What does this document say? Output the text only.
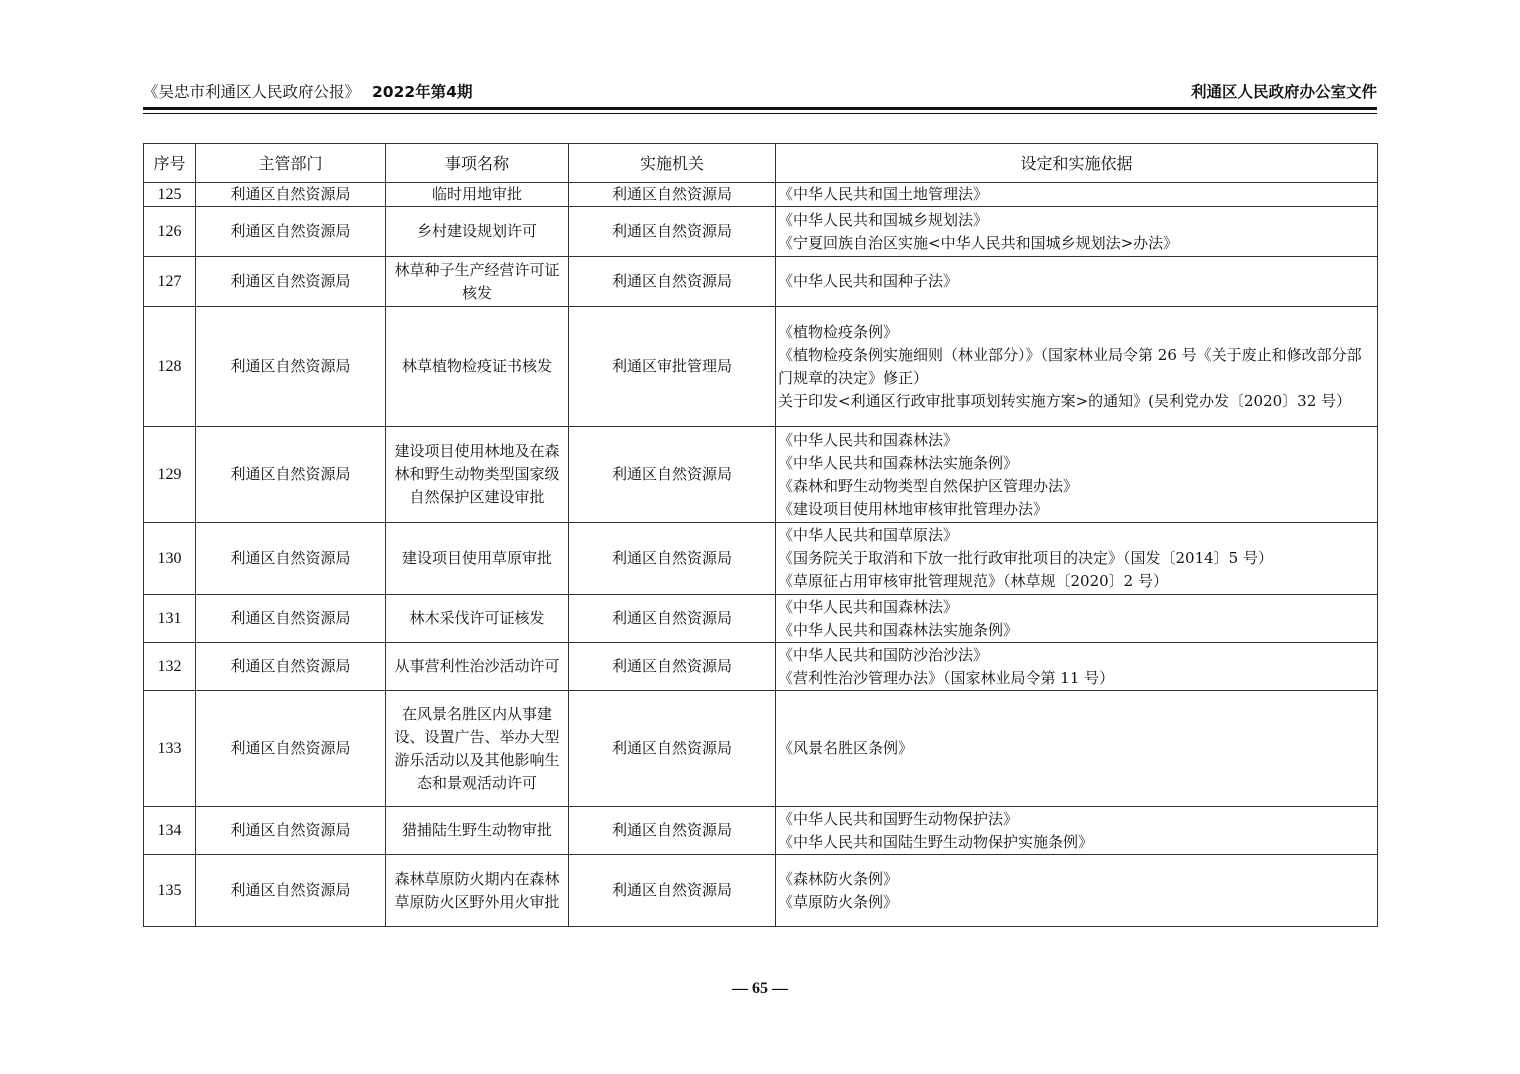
《吴忠市利通区人民政府公报》 2022年第4期	利通区人民政府办公室文件
序号	主管部门	事项名称	实施机关	设定和实施依据
125	利通区自然资源局	临时用地审批	利通区自然资源局	《中华人民共和国土地管理法》

126	利通区自然资源局	乡村建设规划许可	利通区自然资源局	《中华人民共和国城乡规划法》
《宁夏回族自治区实施<中华人民共和国城乡规划法>办法》

127	利通区自然资源局	林草种子生产经营许可证核发	利通区自然资源局	《中华人民共和国种子法》

128	利通区自然资源局	林草植物检疫证书核发	利通区审批管理局	《植物检疫条例》
《植物检疫条例实施细则（林业部分）》（国家林业局令第 26 号《关于废止和修改部分部门规章的决定》修正）
关于印发<利通区行政审批事项划转实施方案>的通知》(吴利党办发〔2020〕32 号）

129	利通区自然资源局	建设项目使用林地及在森林和野生动物类型国家级自然保护区建设审批	利通区自然资源局	《中华人民共和国森林法》
《中华人民共和国森林法实施条例》
《森林和野生动物类型自然保护区管理办法》
《建设项目使用林地审核审批管理办法》

130	利通区自然资源局	建设项目使用草原审批	利通区自然资源局	《中华人民共和国草原法》
《国务院关于取消和下放一批行政审批项目的决定》（国发〔2014〕5 号）
《草原征占用审核审批管理规范》（林草规〔2020〕2 号）

131	利通区自然资源局	林木采伐许可证核发	利通区自然资源局	《中华人民共和国森林法》
《中华人民共和国森林法实施条例》

132	利通区自然资源局	从事营利性治沙活动许可	利通区自然资源局	《中华人民共和国防沙治沙法》
《营利性治沙管理办法》（国家林业局令第 11 号）

133	利通区自然资源局	在风景名胜区内从事建设、设置广告、举办大型游乐活动以及其他影响生态和景观活动许可	利通区自然资源局	《风景名胜区条例》

134	利通区自然资源局	猎捕陆生野生动物审批	利通区自然资源局	《中华人民共和国野生动物保护法》
《中华人民共和国陆生野生动物保护实施条例》

135	利通区自然资源局	森林草原防火期内在森林草原防火区野外用火审批	利通区自然资源局	《森林防火条例》
《草原防火条例》
— 65 —
